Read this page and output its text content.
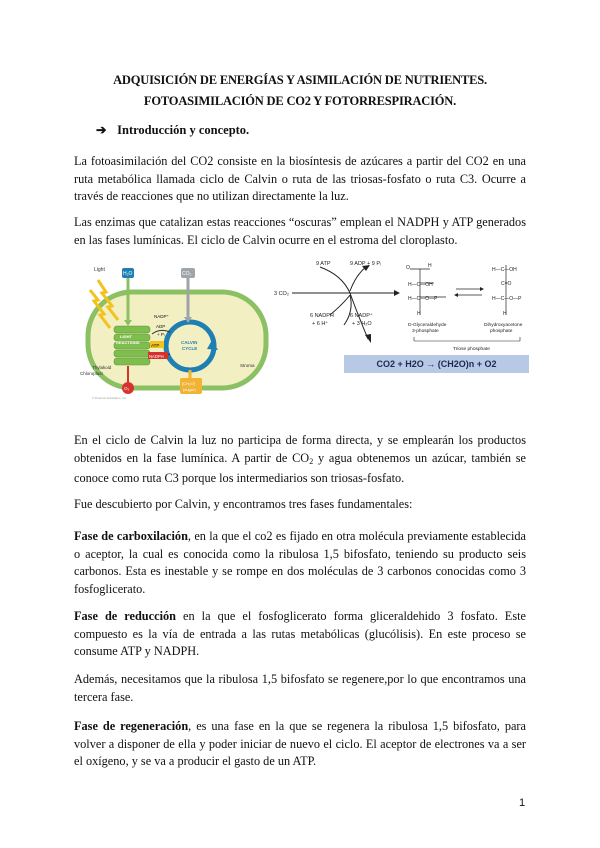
ADQUISICIÓN DE ENERGÍAS Y ASIMILACIÓN DE NUTRIENTES.
FOTOASIMILACIÓN DE CO2 Y FOTORRESPIRACIÓN.
➔ Introducción y concepto.

La fotoasimilación del CO2 consiste en la biosíntesis de azúcares a partir del CO2 en una ruta metabólica llamada ciclo de Calvin o ruta de las triosas-fosfato o ruta C3. Ocurre a través de reacciones que no utilizan directamente la luz.

Las enzimas que catalizan estas reacciones “oscuras” emplean el NADPH y ATP generados en las fases lumínicas. El ciclo de Calvin ocurre en el estroma del cloroplasto.

Light
H₂O	CO₂
NADP⁺
ADP
+ Pᵢ
ATP
NADPH
LIGHT
REACTIONS	CALVIN
CYCLE
Thylakoid	Stroma
Chloroplast
O₂
[CH₂O]
(sugar)
© Pearson Education, Inc.
O	H
H—C—OH
H—C—O—P
H
H—C—OH
C=O
H—C—O—P
H
9 ATP	9 ADP + 9 Pᵢ
3 CO₂
6 NADPH
+ 6 H⁺
6 NADP⁺
+ 3 H₂O	D-Glyceraldehyde
3-phosphate
Dihydroxyacetone
phosphate
Triose phosphate
CO2 + H2O → (CH2O)n + O2

En el ciclo de Calvin la luz no participa de forma directa, y se emplearán los productos obtenidos en la fase lumínica. A partir de $CO_2$ y agua obtenemos un azúcar, también se conoce como ruta C3 porque los intermediarios son triosas-fosfato.

Fue descubierto por Calvin, y encontramos tres fases fundamentales:

Fase de carboxilación, en la que el co2 es fijado en otra molécula previamente establecida o aceptor, la cual es conocida como la ribulosa 1,5 bifosfato, teniendo su producto seis carbonos. Esta es inestable y se rompe en dos moléculas de 3 carbonos conocidas como 3 fosfoglicerato.

Fase de reducción en la que el fosfoglicerato forma gliceraldehido 3 fosfato. Este compuesto es la vía de entrada a las rutas metabólicas (glucólisis). En este proceso se consume ATP y NADPH.

Además, necesitamos que la ribulosa 1,5 bifosfato se regenere,por lo que encontramos una tercera fase.

Fase de regeneración, es una fase en la que se regenera la ribulosa 1,5 bifosfato, para volver a disponer de ella y poder iniciar de nuevo el ciclo. El aceptor de electrones va a ser el oxígeno, y se va a producir el gasto de un ATP.

1
